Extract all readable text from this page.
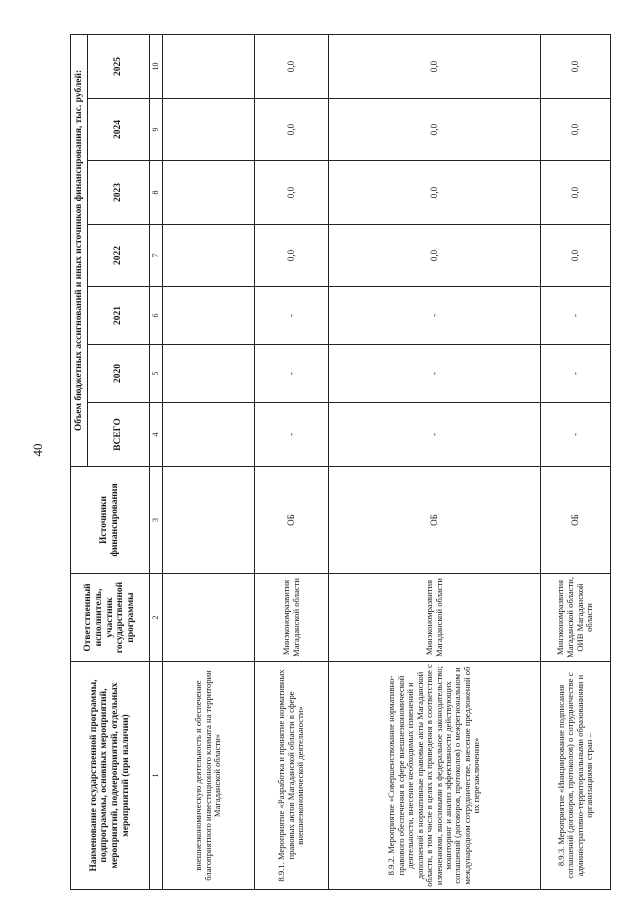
40
Наименование государственной программы, подпрограммы, основных мероприятий, мероприятий, подмероприятий, отдельных мероприятий (при наличии)	Ответственный исполнитель, участник государственной программы	Источники финансирования	Объем бюджетных ассигнований и иных источников финансирования, тыс. рублей:						
			ВСЕГО	2020	2021	2022	2023	2024	2025
1	2	3	4	5	6	7	8	9	10
внешнеэкономическую деятельность и обеспечение благоприятного инвестиционного климата на территории Магаданской области»									
8.9.1. Мероприятие «Разработка и принятие нормативных правовых актов Магаданской области в сфере внешнеэкономической деятельности»	Минэкономразвития Магаданской области	ОБ	-	-	-	0,0	0,0	0,0	0,0
8.9.2. Мероприятие «Совершенствование нормативно-правового обеспечения в сфере внешнеэкономической деятельности, внесение необходимых изменений и дополнений в нормативные правовые акты Магаданской области, в том числе в целях их приведения в соответствие с изменениями, вносимыми в федеральное законодательство; мониторинг и анализ эффективности действующих соглашений (договоров, протоколов) о межрегиональном и международном сотрудничестве, внесение предложений об их перезаключении»	Минэкономразвития Магаданской области	ОБ	-	-	-	0,0	0,0	0,0	0,0
8.9.3. Мероприятие «Инициирование подписания соглашений (договоров, протоколов) о сотрудничестве с административно-территориальными образованиями и организациями стран –	Минэкономразвития Магаданской области, ОИВ Магаданской области	ОБ	-	-	-	0,0	0,0	0,0	0,0
